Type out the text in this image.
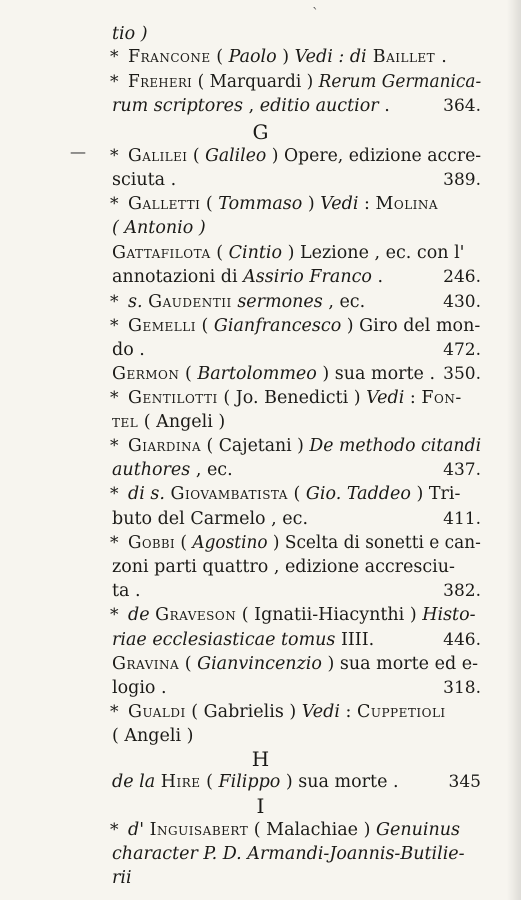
`
—
tio )
* Francone ( Paolo ) Vedi : di Baillet .
* Freheri ( Marquardi ) Rerum Germanica-
rum scriptores , editio auctior .	364.
G
* Galilei ( Galileo ) Opere, edizione accre-
sciuta .	389.
* Galletti ( Tommaso ) Vedi : Molina
( Antonio )
Gattafilota ( Cintio ) Lezione , ec. con l'
annotazioni di Assirio Franco .	246.
* s. Gaudentii sermones , ec.	430.
* Gemelli ( Gianfrancesco ) Giro del mon-
do .	472.
Germon ( Bartolommeo ) sua morte . 350.
* Gentilotti ( Jo. Benedicti ) Vedi : Fon-
tel ( Angeli )
* Giardina ( Cajetani ) De methodo citandi
authores , ec.	437.
* di s. Giovambatista ( Gio. Taddeo ) Tri-
buto del Carmelo , ec.	411.
* Gobbi ( Agostino ) Scelta di sonetti e can-
zoni parti quattro , edizione accresciu-
ta .	382.
* de Graveson ( Ignatii-Hiacynthi ) Histo-
riae ecclesiasticae tomus IIII.	446.
Gravina ( Gianvincenzio ) sua morte ed e-
logio .	318.
* Gualdi ( Gabrielis ) Vedi : Cuppetioli
( Angeli )
H
de la Hire ( Filippo ) sua morte .	345
I
* d' Inguisabert ( Malachiae ) Genuinus
character P. D. Armandi-Joannis-Butilie-
rii
